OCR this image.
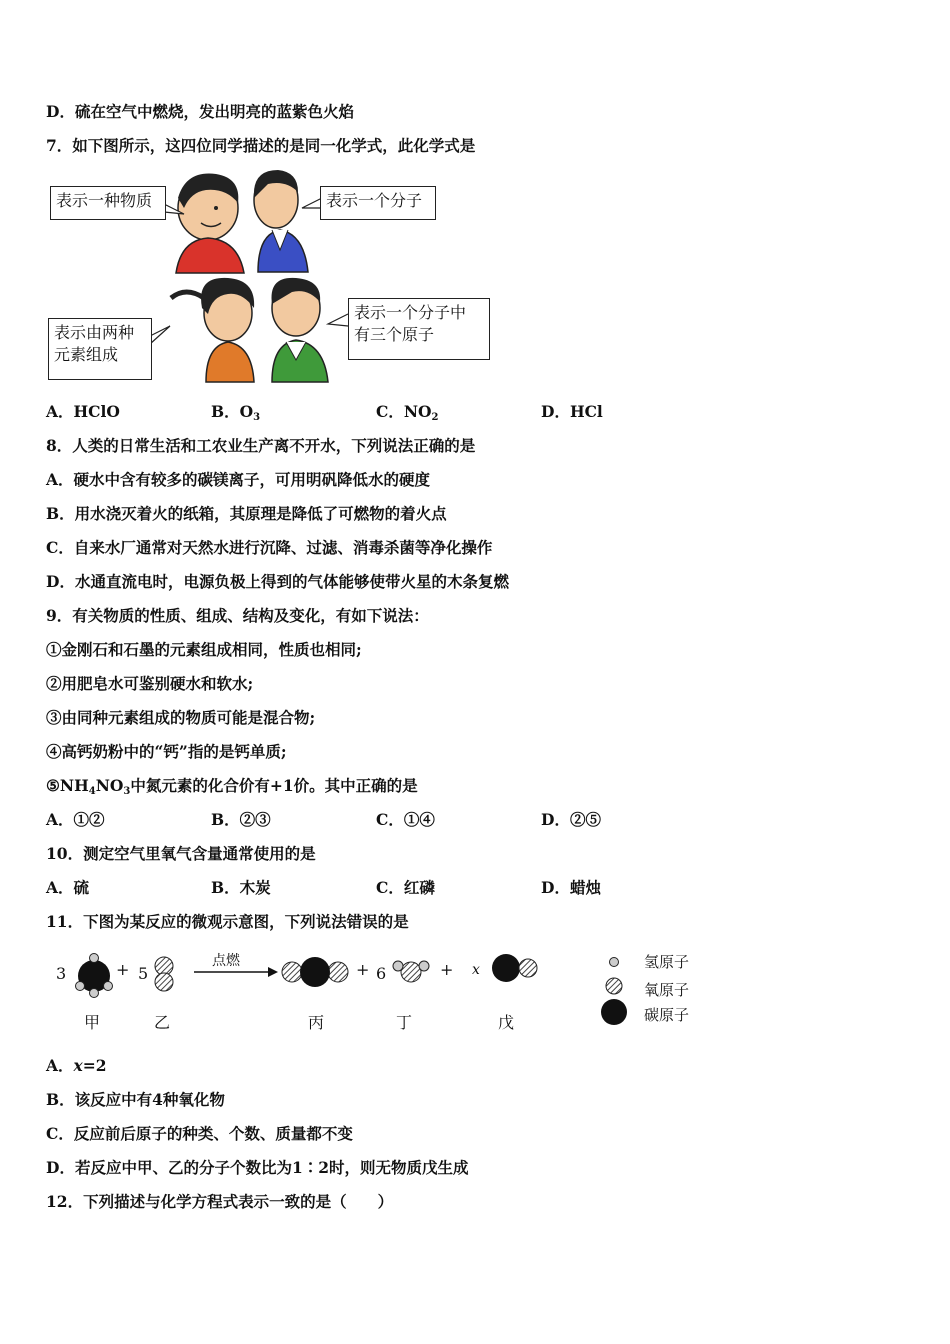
D．硫在空气中燃烧，发出明亮的蓝紫色火焰
7．如下图所示，这四位同学描述的是同一化学式，此化学式是
表示一种物质	表示一个分子
表示由两种
元素组成
表示一个分子中
有三个原子
A．HClO	B．$O_3$	C．$NO_2$	D．HCl
8．人类的日常生活和工农业生产离不开水，下列说法正确的是
A．硬水中含有较多的碳镁离子，可用明矾降低水的硬度
B．用水浇灭着火的纸箱，其原理是降低了可燃物的着火点
C．自来水厂通常对天然水进行沉降、过滤、消毒杀菌等净化操作
D．水通直流电时，电源负极上得到的气体能够使带火星的木条复燃
9．有关物质的性质、组成、结构及变化，有如下说法：
①金刚石和石墨的元素组成相同，性质也相同;
②用肥皂水可鉴别硬水和软水;
③由同种元素组成的物质可能是混合物;
④高钙奶粉中的“钙”指的是钙单质;
$⑤NH_4NO_3$中氮元素的化合价有+1价。其中正确的是
A．①②	B．②③	C．①④	D．②⑤
10．测定空气里氧气含量通常使用的是
A．硫	B．木炭	C．红磷	D．蜡烛
11．下图为某反应的微观示意图，下列说法错误的是
3	+ 5
点燃	+ 6	+ x
甲	乙	丙	丁	戊
氢原子
氧原子
碳原子
A．x=2
B．该反应中有4种氧化物
C．反应前后原子的种类、个数、质量都不变
D．若反应中甲、乙的分子个数比为1∶2时，则无物质戊生成
12．下列描述与化学方程式表示一致的是（　　）
